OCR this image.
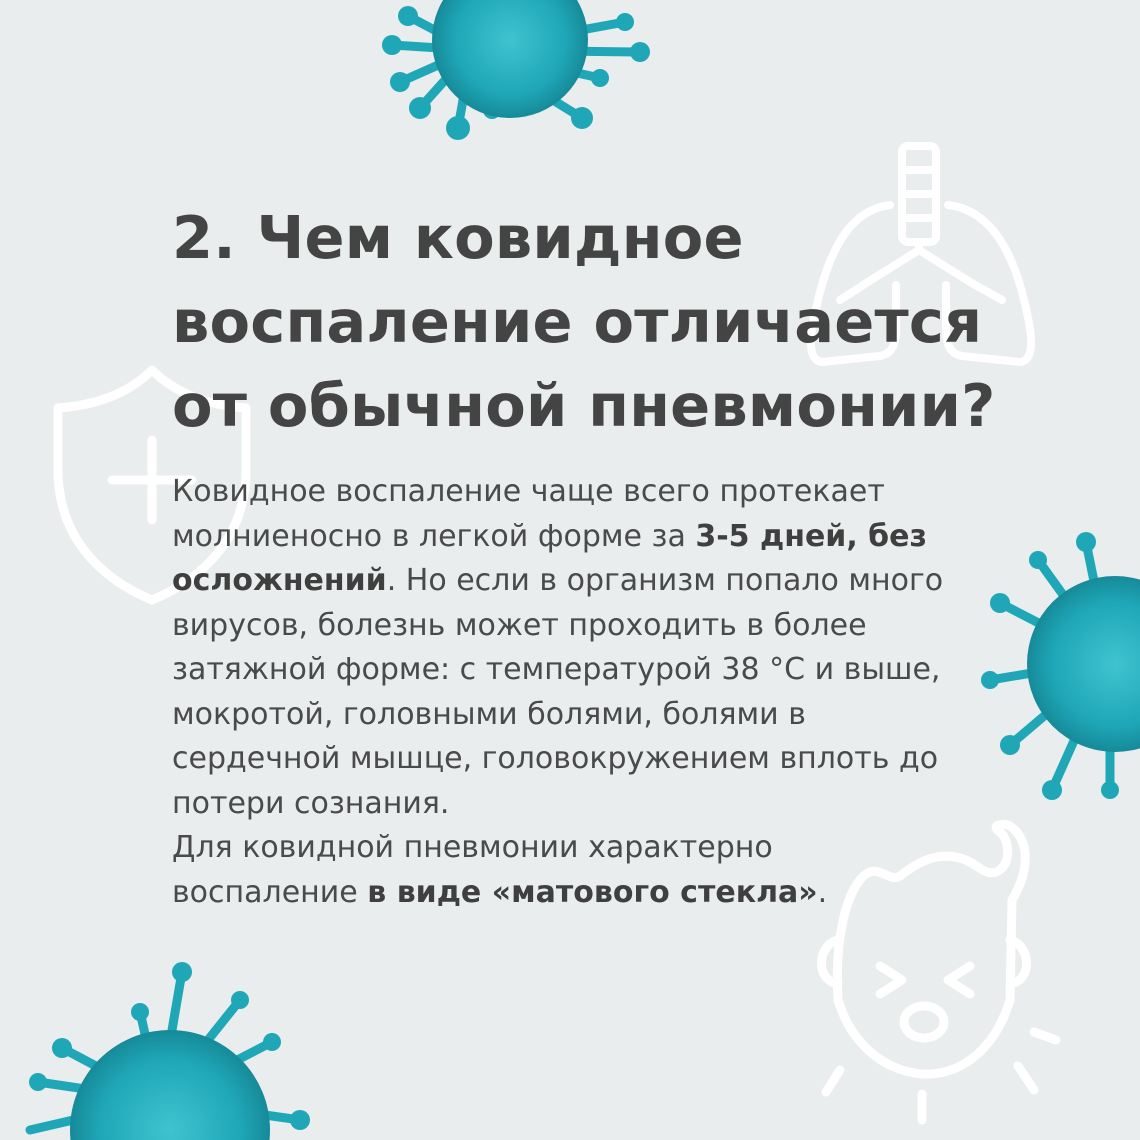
2. Чем ковидное
воспаление отличается
от обычной пневмонии?
Ковидное воспаление чаще всего протекает
молниеносно в легкой форме за 3-5 дней, без
осложнений. Но если в организм попало много
вирусов, болезнь может проходить в более
затяжной форме: с температурой 38 °C и выше,
мокротой, головными болями, болями в
сердечной мышце, головокружением вплоть до
потери сознания.
Для ковидной пневмонии характерно
воспаление в виде «матового стекла».
